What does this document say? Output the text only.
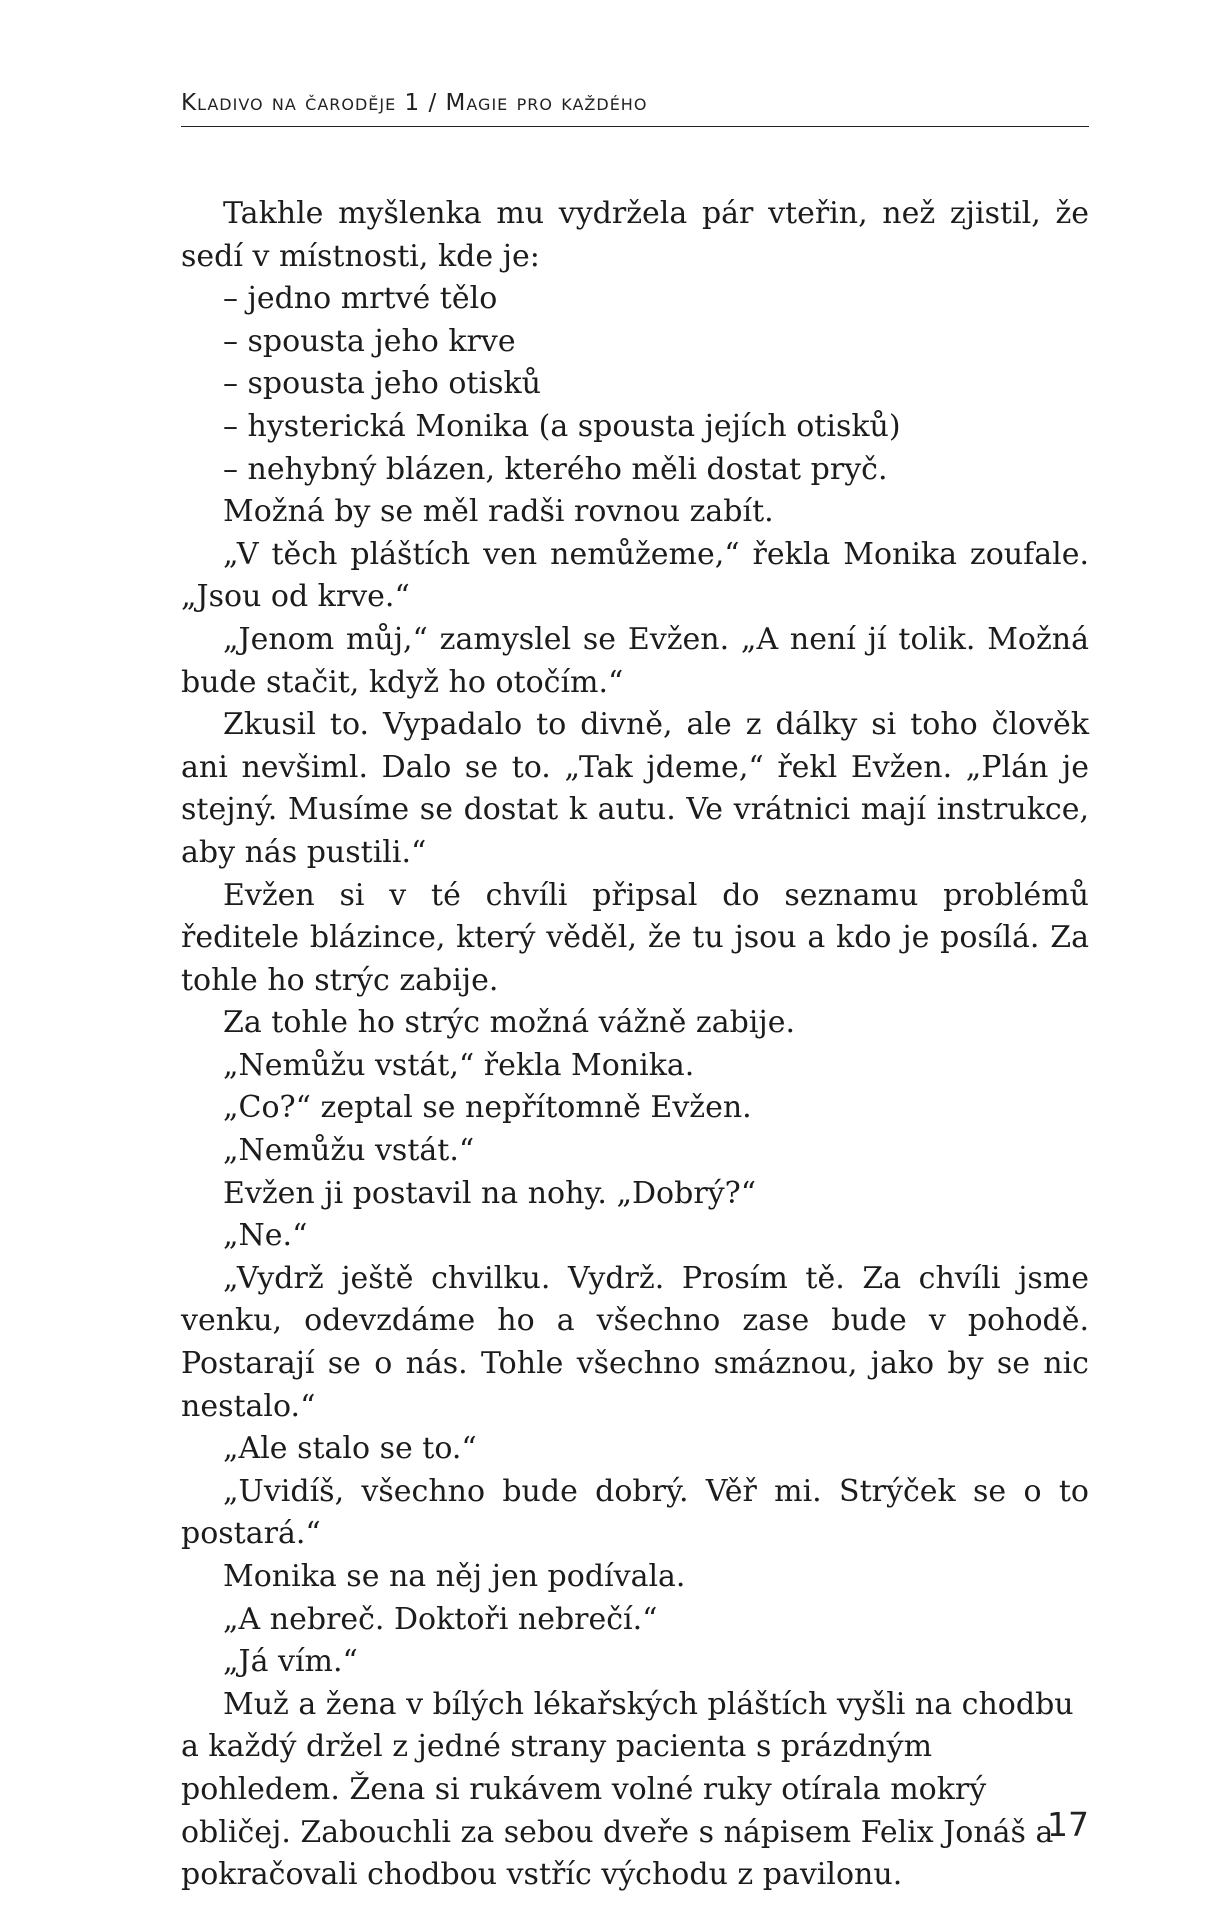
Kladivo na čaroděje 1 / Magie pro každého

Takhle myšlenka mu vydržela pár vteřin, než zjistil, že sedí v místnosti, kde je:

– jedno mrtvé tělo

– spousta jeho krve

– spousta jeho otisků

– hysterická Monika (a spousta jejích otisků)

– nehybný blázen, kterého měli dostat pryč.

Možná by se měl radši rovnou zabít.

„V těch pláštích ven nemůžeme,“ řekla Monika zoufale. „Jsou od krve.“

„Jenom můj,“ zamyslel se Evžen. „A není jí tolik. Možná bude stačit, když ho otočím.“

Zkusil to. Vypadalo to divně, ale z dálky si toho člověk ani nevšiml. Dalo se to. „Tak jdeme,“ řekl Evžen. „Plán je stejný. Musíme se dostat k autu. Ve vrátnici mají instrukce, aby nás pustili.“

Evžen si v té chvíli připsal do seznamu problémů ředitele blázince, který věděl, že tu jsou a kdo je posílá. Za tohle ho strýc zabije.

Za tohle ho strýc možná vážně zabije.

„Nemůžu vstát,“ řekla Monika.

„Co?“ zeptal se nepřítomně Evžen.

„Nemůžu vstát.“

Evžen ji postavil na nohy. „Dobrý?“

„Ne.“

„Vydrž ještě chvilku. Vydrž. Prosím tě. Za chvíli jsme venku, odevzdáme ho a všechno zase bude v pohodě. Postarají se o nás. Tohle všechno smáznou, jako by se nic nestalo.“

„Ale stalo se to.“

„Uvidíš, všechno bude dobrý. Věř mi. Strýček se o to postará.“

Monika se na něj jen podívala.

„A nebreč. Doktoři nebrečí.“

„Já vím.“

Muž a žena v bílých lékařských pláštích vyšli na chodbu a každý držel z jedné strany pacienta s prázdným pohledem. Žena si rukávem volné ruky otírala mokrý obličej. Zabouchli za sebou dveře s nápisem Felix Jonáš a pokračovali chodbou vstříc východu z pavilonu.

17
